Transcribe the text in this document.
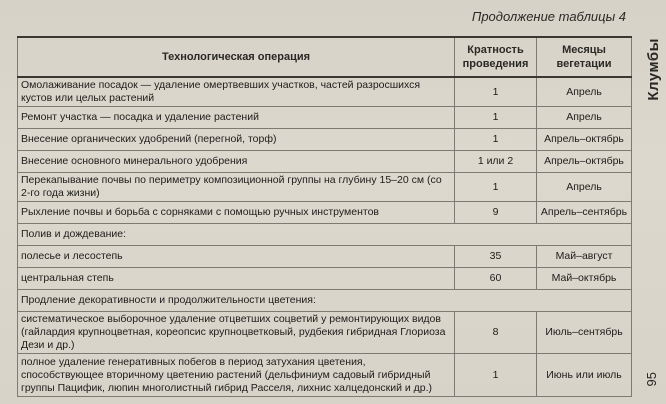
Продолжение таблицы 4
Клумбы
95
Технологическая операция	Кратность проведения	Месяцы вегетации
Омолаживание посадок — удаление омертвевших участков, частей разросшихся кустов или целых растений	1	Апрель
Ремонт участка — посадка и удаление растений	1	Апрель
Внесение органических удобрений (перегной, торф)	1	Апрель–октябрь
Внесение основного минерального удобрения	1 или 2	Апрель–октябрь
Перекапывание почвы по периметру композиционной группы на глубину 15–20 см (со 2-го года жизни)	1	Апрель
Рыхление почвы и борьба с сорняками с помощью ручных инструментов	9	Апрель–сентябрь
Полив и дождевание:		
полесье и лесостепь	35	Май–август
центральная степь	60	Май–октябрь
Продление декоративности и продолжительности цветения:		
систематическое выборочное удаление отцветших соцветий у ремонтирующих видов (гайлардия крупноцветная, кореопсис крупноцветковый, рудбекия гибридная Глориоза Дези и др.)	8	Июль–сентябрь
полное удаление генеративных побегов в период затухания цветения, способствующее вторичному цветению растений (дельфиниум садовый гибридный группы Пацифик, люпин многолистный гибрид Расселя, лихнис халцедонский и др.)	1	Июнь или июль
